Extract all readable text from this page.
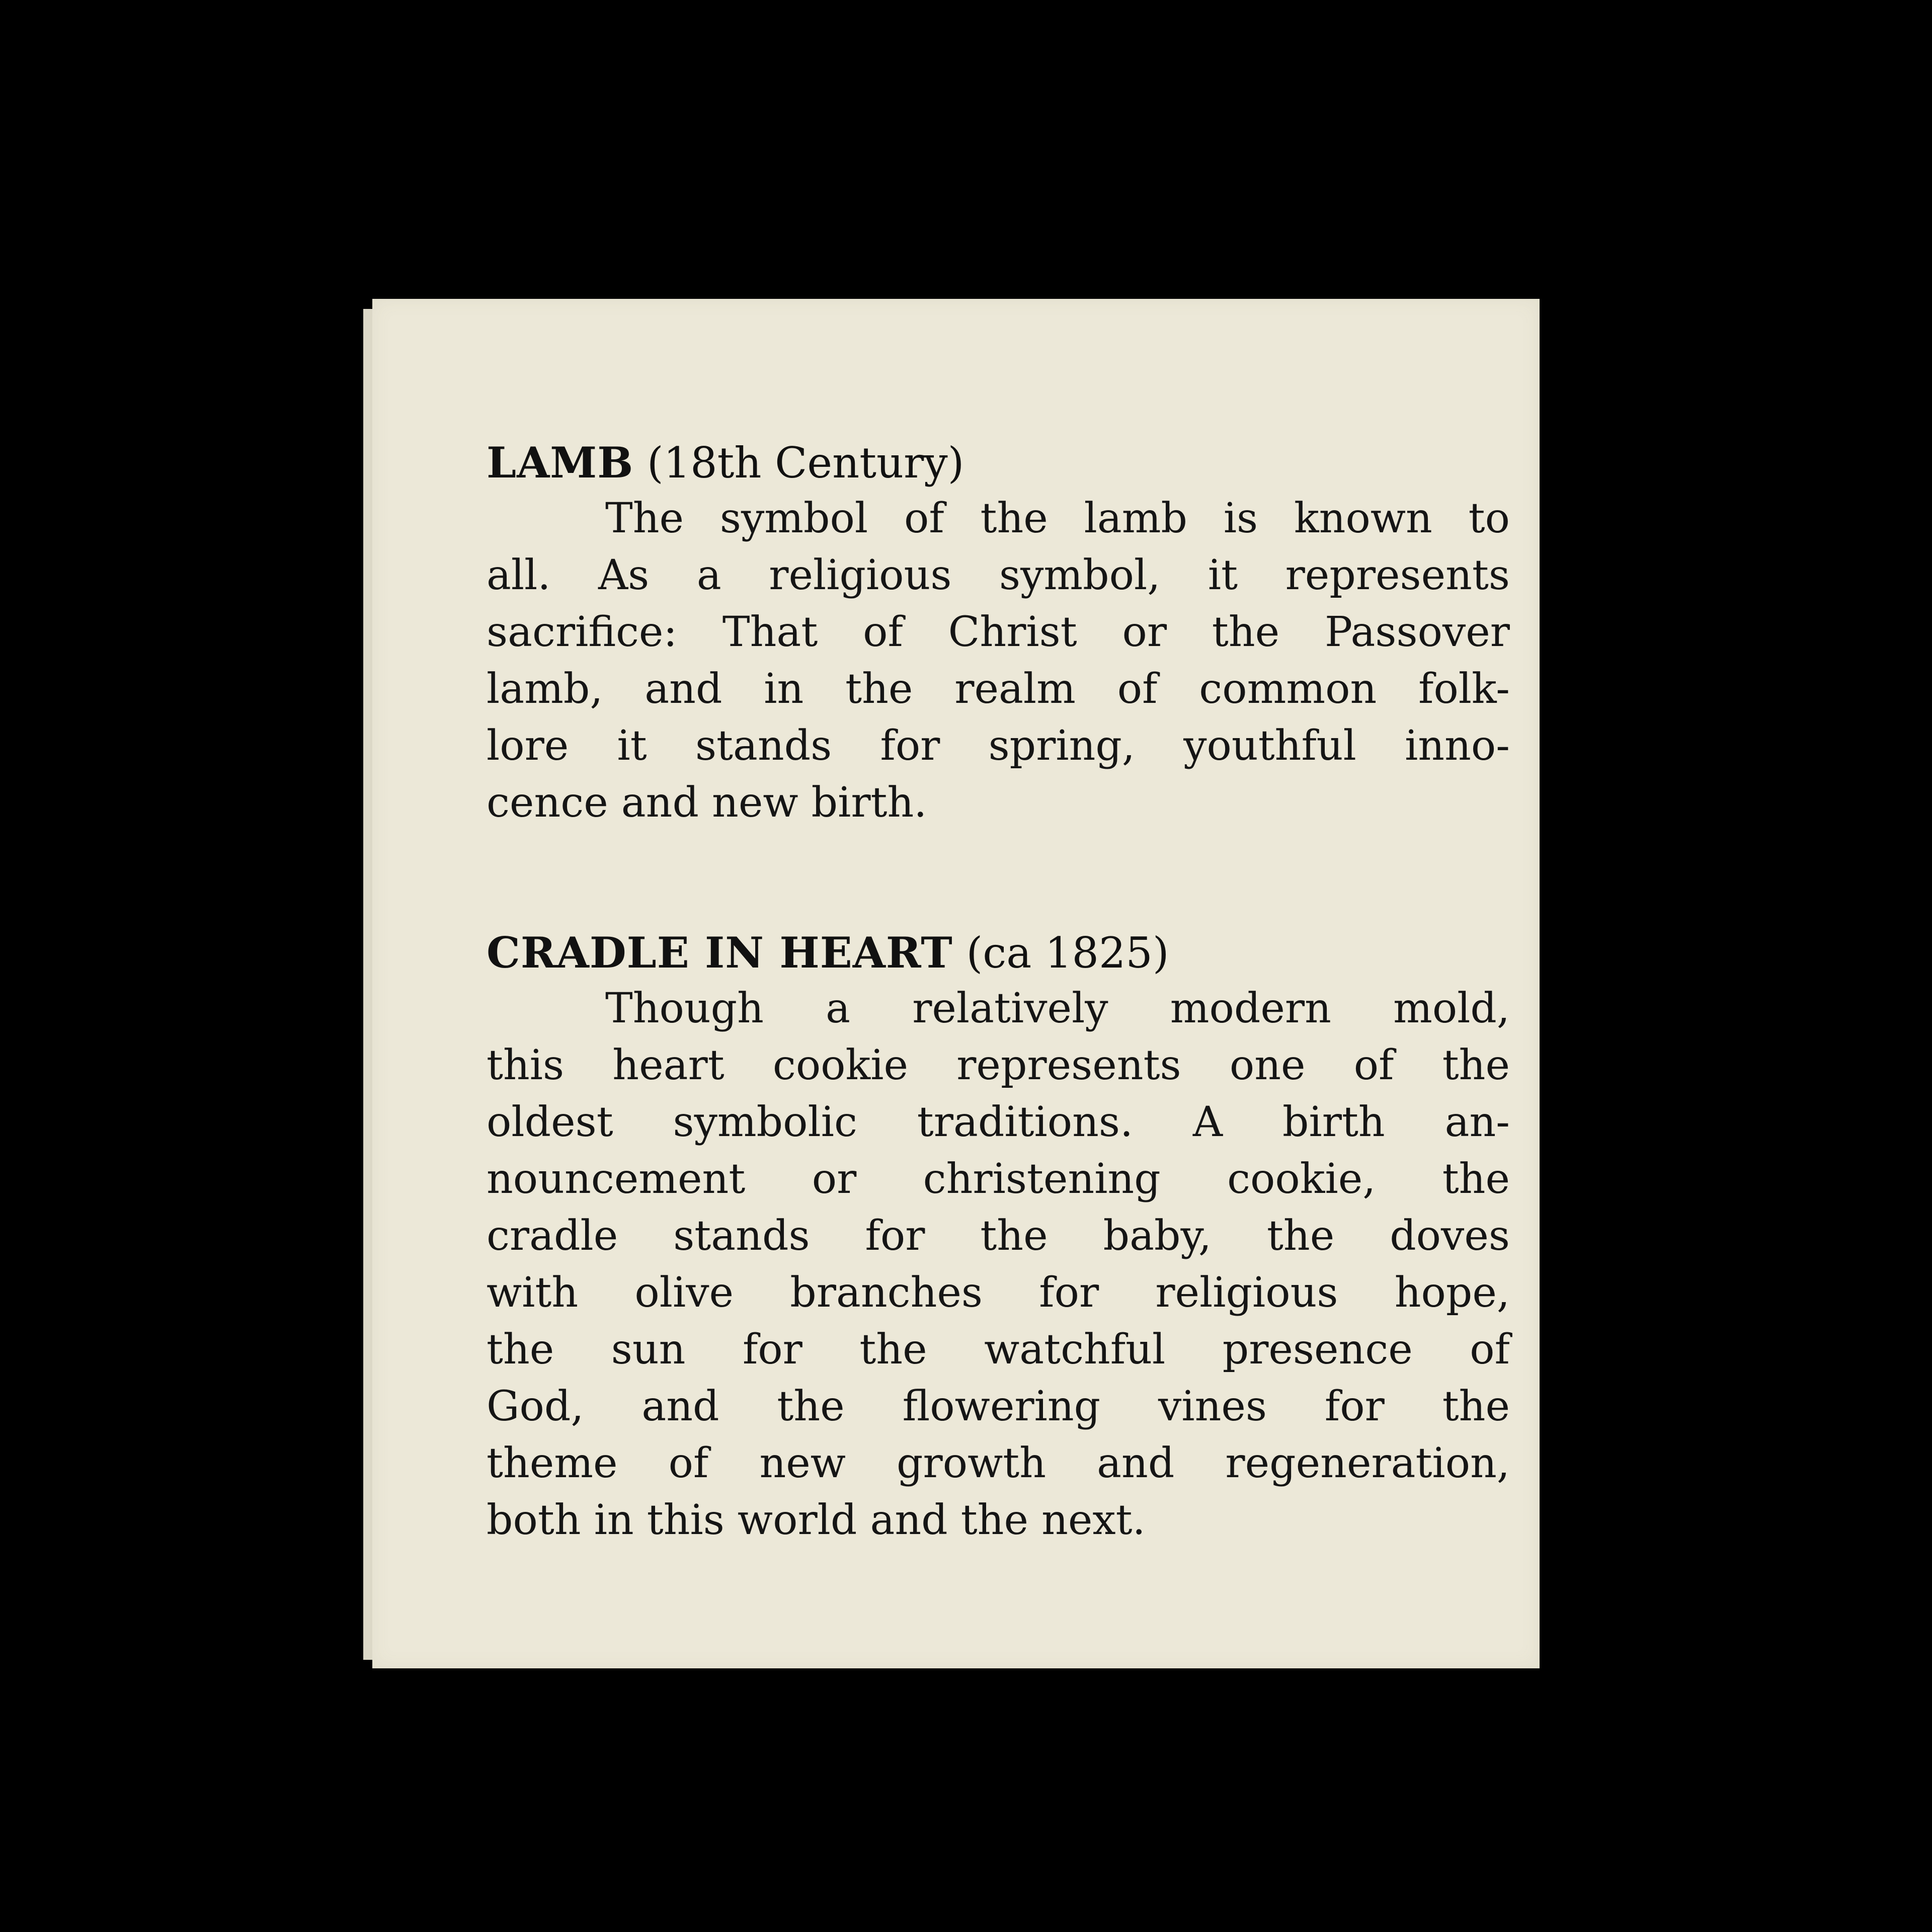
LAMB (18th Century)

The symbol of the lamb is known to
all. As a religious symbol, it represents
sacrifice: That of Christ or the Passover
lamb, and in the realm of common folk-
lore it stands for spring, youthful inno-
cence and new birth.

CRADLE IN HEART (ca 1825)

Though a relatively modern mold,
this heart cookie represents one of the
oldest symbolic traditions. A birth an-
nouncement or christening cookie, the
cradle stands for the baby, the doves
with olive branches for religious hope,
the sun for the watchful presence of
God, and the flowering vines for the
theme of new growth and regeneration,
both in this world and the next.
